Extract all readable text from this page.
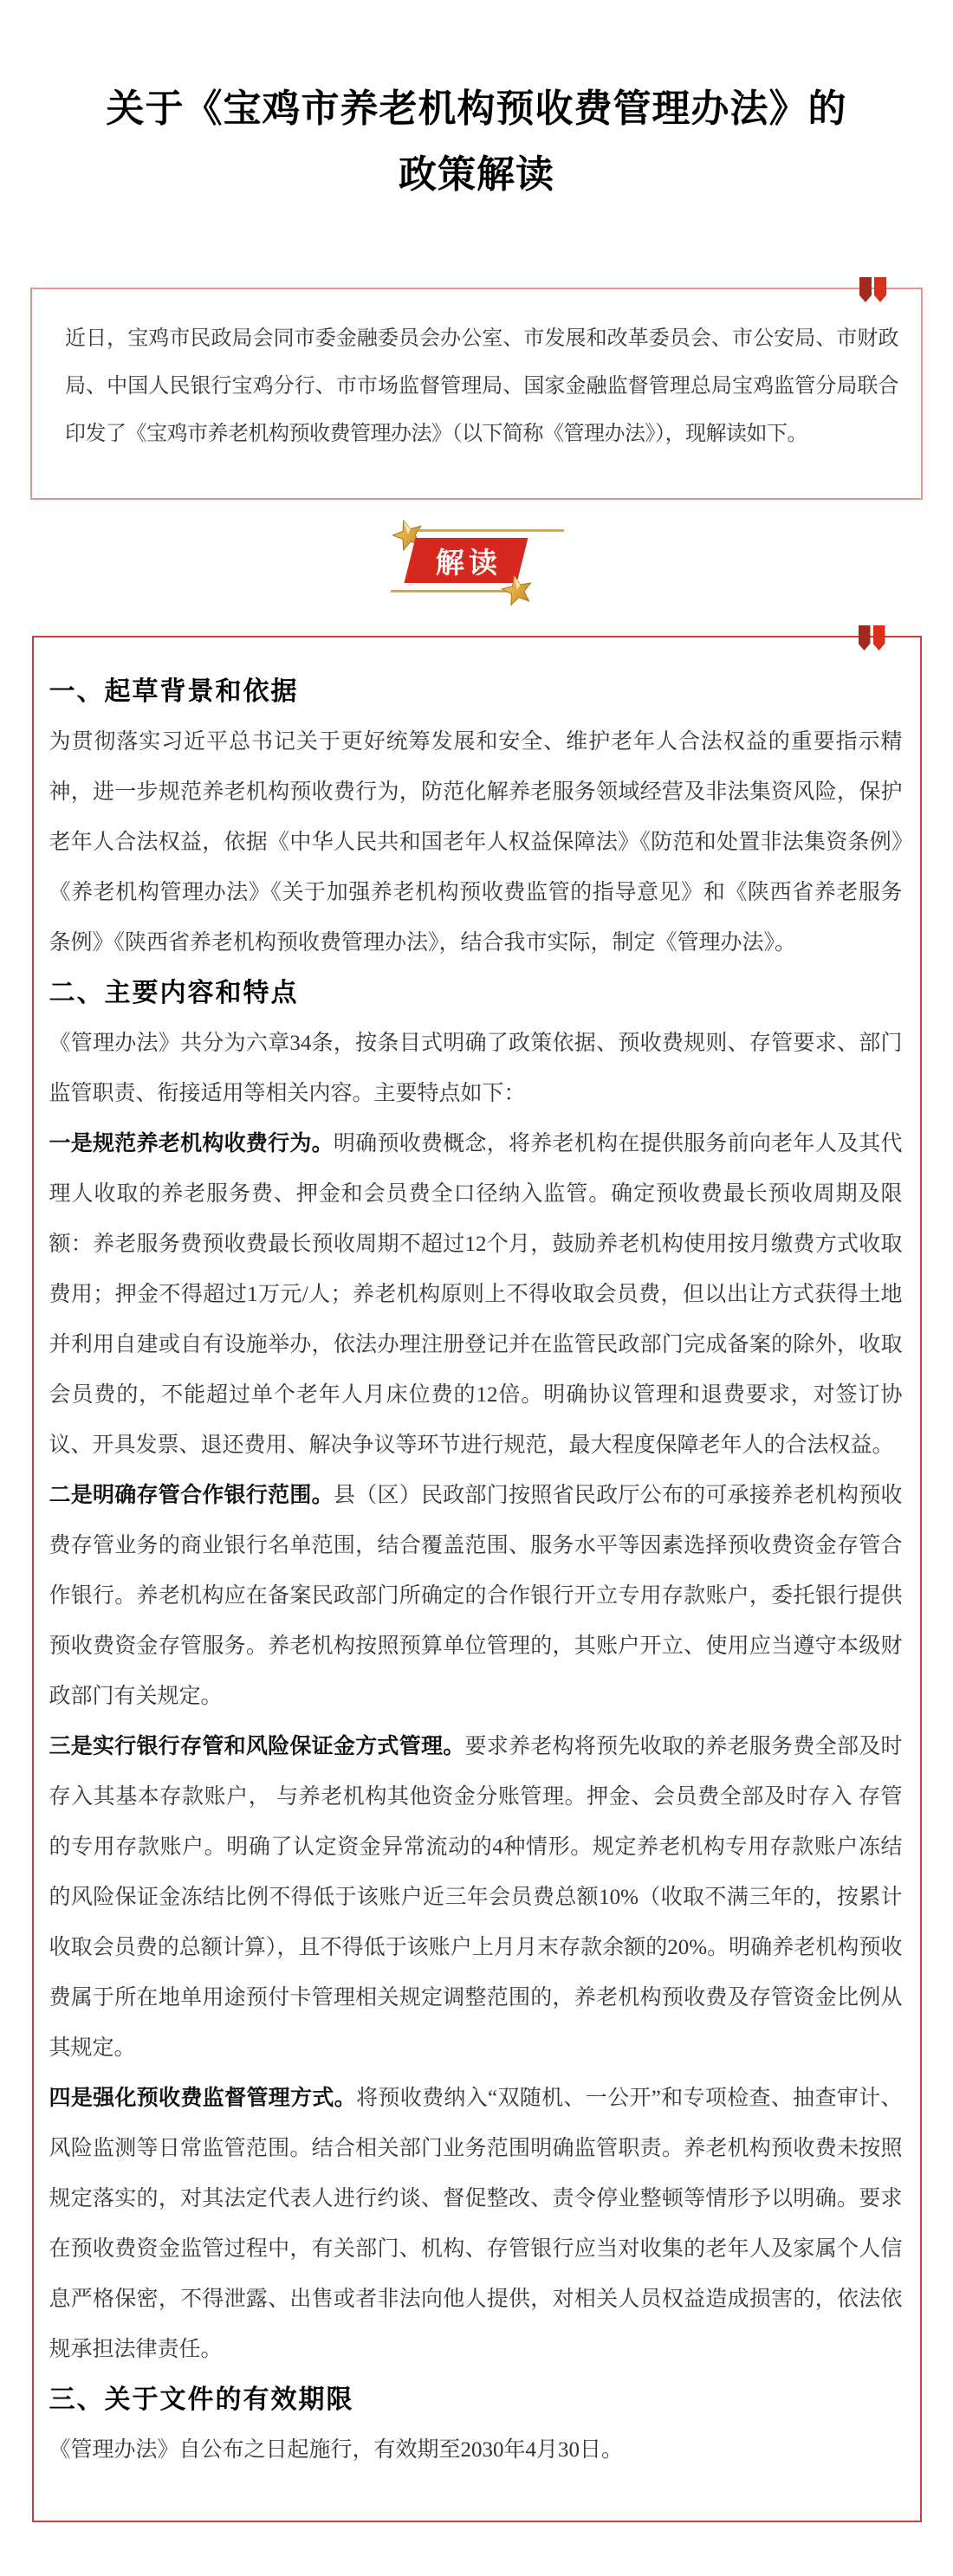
关于《宝鸡市养老机构预收费管理办法》的
政策解读
近日，宝鸡市民政局会同市委金融委员会办公室、市发展和改革委员会、市公安局、市财政局、中国人民银行宝鸡分行、市市场监督管理局、国家金融监督管理总局宝鸡监管分局联合印发了《宝鸡市养老机构预收费管理办法》（以下简称《管理办法》），现解读如下。
解读
一、起草背景和依据

为贯彻落实习近平总书记关于更好统筹发展和安全、维护老年人合法权益的重要指示精神，进一步规范养老机构预收费行为，防范化解养老服务领域经营及非法集资风险，保护老年人合法权益，依据《中华人民共和国老年人权益保障法》《防范和处置非法集资条例》《养老机构管理办法》《关于加强养老机构预收费监管的指导意见》和《陕西省养老服务条例》《陕西省养老机构预收费管理办法》，结合我市实际，制定《管理办法》。

二、主要内容和特点

《管理办法》共分为六章34条，按条目式明确了政策依据、预收费规则、存管要求、部门监管职责、衔接适用等相关内容。主要特点如下：

一是规范养老机构收费行为。明确预收费概念，将养老机构在提供服务前向老年人及其代理人收取的养老服务费、押金和会员费全口径纳入监管。确定预收费最长预收周期及限额：养老服务费预收费最长预收周期不超过12个月，鼓励养老机构使用按月缴费方式收取费用；押金不得超过1万元/人；养老机构原则上不得收取会员费，但以出让方式获得土地并利用自建或自有设施举办，依法办理注册登记并在监管民政部门完成备案的除外，收取会员费的，不能超过单个老年人月床位费的12倍。明确协议管理和退费要求，对签订协议、开具发票、退还费用、解决争议等环节进行规范，最大程度保障老年人的合法权益。

二是明确存管合作银行范围。县（区）民政部门按照省民政厅公布的可承接养老机构预收费存管业务的商业银行名单范围，结合覆盖范围、服务水平等因素选择预收费资金存管合作银行。养老机构应在备案民政部门所确定的合作银行开立专用存款账户，委托银行提供预收费资金存管服务。养老机构按照预算单位管理的，其账户开立、使用应当遵守本级财政部门有关规定。

三是实行银行存管和风险保证金方式管理。要求养老构将预先收取的养老服务费全部及时存入其基本存款账户， 与养老机构其他资金分账管理。押金、会员费全部及时存入 存管的专用存款账户。明确了认定资金异常流动的4种情形。规定养老机构专用存款账户冻结的风险保证金冻结比例不得低于该账户近三年会员费总额10%（收取不满三年的，按累计收取会员费的总额计算），且不得低于该账户上月月末存款余额的20%。明确养老机构预收费属于所在地单用途预付卡管理相关规定调整范围的，养老机构预收费及存管资金比例从其规定。

四是强化预收费监督管理方式。将预收费纳入“双随机、一公开”和专项检查、抽查审计、风险监测等日常监管范围。结合相关部门业务范围明确监管职责。养老机构预收费未按照规定落实的，对其法定代表人进行约谈、督促整改、责令停业整顿等情形予以明确。要求在预收费资金监管过程中，有关部门、机构、存管银行应当对收集的老年人及家属个人信息严格保密，不得泄露、出售或者非法向他人提供，对相关人员权益造成损害的，依法依规承担法律责任。

三、关于文件的有效期限

《管理办法》自公布之日起施行，有效期至2030年4月30日。
